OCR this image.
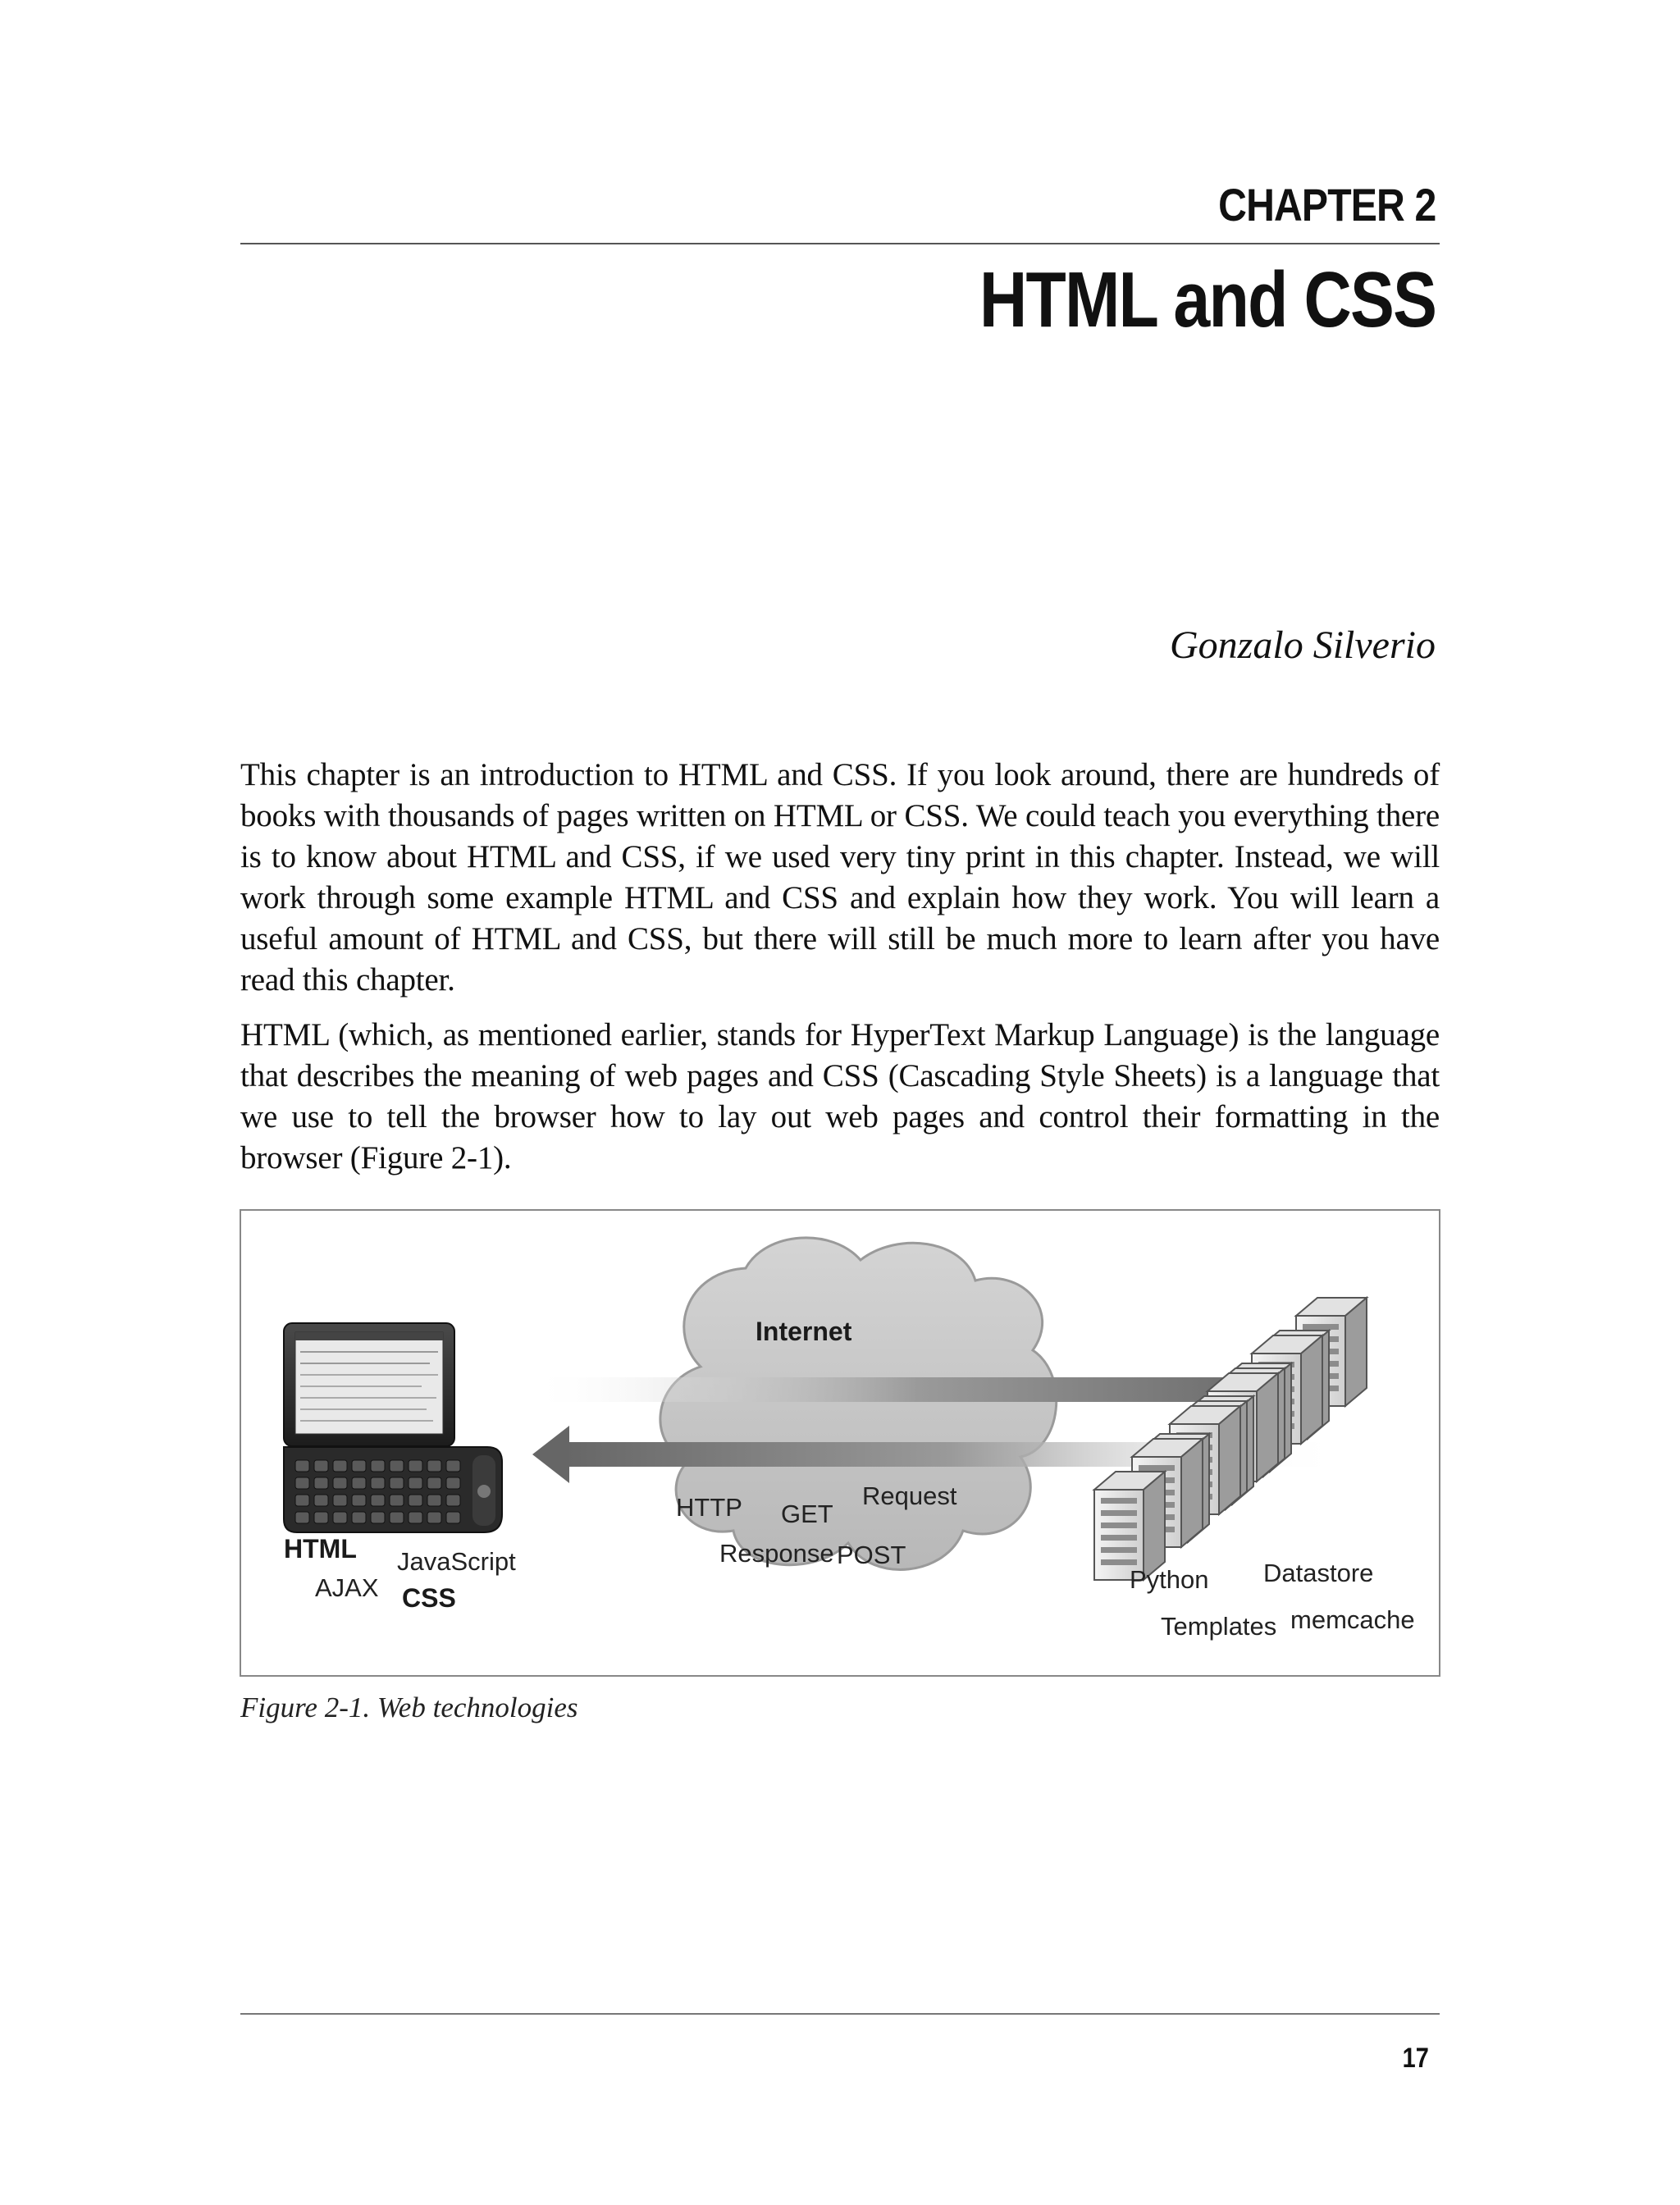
CHAPTER 2
HTML and CSS

Gonzalo Silverio

This chapter is an introduction to HTML and CSS. If you look around, there are hundreds of books with thousands of pages written on HTML or CSS. We could teach you everything there is to know about HTML and CSS, if we used very tiny print in this chapter. Instead, we will work through some example HTML and CSS and explain how they work. You will learn a useful amount of HTML and CSS, but there will still be much more to learn after you have read this chapter.

HTML (which, as mentioned earlier, stands for HyperText Markup Language) is the language that describes the meaning of web pages and CSS (Cascading Style Sheets) is a language that we use to tell the browser how to lay out web pages and control their formatting in the browser (Figure 2-1).

Internet
HTTP GET
Request
Response POST
HTML JavaScript
AJAX CSS
Python Datastore
Templates memcache

Figure 2-1. Web technologies

17
